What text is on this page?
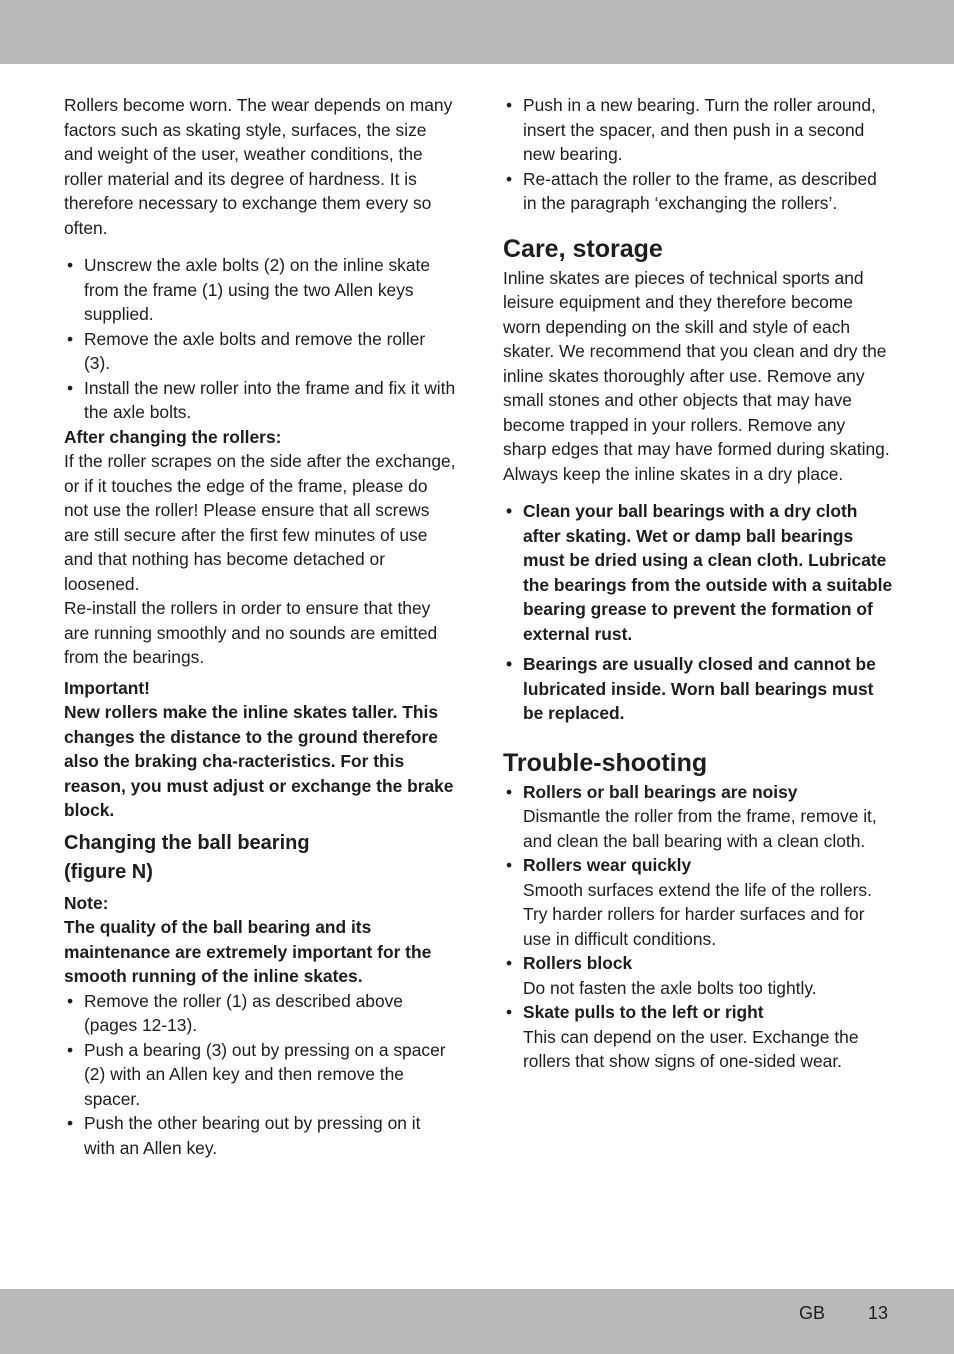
Rollers become worn. The wear depends on many factors such as skating style, surfaces, the size and weight of the user, weather conditions, the roller material and its degree of hardness. It is therefore necessary to exchange them every so often.

• Unscrew the axle bolts (2) on the inline skate from the frame (1) using the two Allen keys supplied.
• Remove the axle bolts and remove the roller (3).
• Install the new roller into the frame and fix it with the axle bolts.

After changing the rollers:

If the roller scrapes on the side after the exchange, or if it touches the edge of the frame, please do not use the roller! Please ensure that all screws are still secure after the first few minutes of use and that nothing has become detached or loosened.

Re-install the rollers in order to ensure that they are running smoothly and no sounds are emitted from the bearings.

Important!

New rollers make the inline skates taller. This changes the distance to the ground therefore also the braking cha-racteristics. For this reason, you must adjust or exchange the brake block.

Changing the ball bearing (figure N)

Note:

The quality of the ball bearing and its maintenance are extremely important for the smooth running of the inline skates.

• Remove the roller (1) as described above (pages 12-13).
• Push a bearing (3) out by pressing on a spacer (2) with an Allen key and then remove the spacer.
• Push the other bearing out by pressing on it with an Allen key.
• Push in a new bearing. Turn the roller around, insert the spacer, and then push in a second new bearing.
• Re-attach the roller to the frame, as described in the paragraph ‘exchanging the rollers’.
Care, storage

Inline skates are pieces of technical sports and leisure equipment and they therefore become worn depending on the skill and style of each skater. We recommend that you clean and dry the inline skates thoroughly after use. Remove any small stones and other objects that may have become trapped in your rollers. Remove any sharp edges that may have formed during skating. Always keep the inline skates in a dry place.

• Clean your ball bearings with a dry cloth after skating. Wet or damp ball bearings must be dried using a clean cloth. Lubricate the bearings from the outside with a suitable bearing grease to prevent the formation of external rust.
• Bearings are usually closed and cannot be lubricated inside. Worn ball bearings must be replaced.
Trouble-shooting
• Rollers or ball bearings are noisy
Dismantle the roller from the frame, remove it, and clean the ball bearing with a clean cloth.
• Rollers wear quickly
Smooth surfaces extend the life of the rollers. Try harder rollers for harder surfaces and for use in difficult conditions.
• Rollers block
Do not fasten the axle bolts too tightly.
• Skate pulls to the left or right
This can depend on the user. Exchange the rollers that show signs of one-sided wear.
GB 13
